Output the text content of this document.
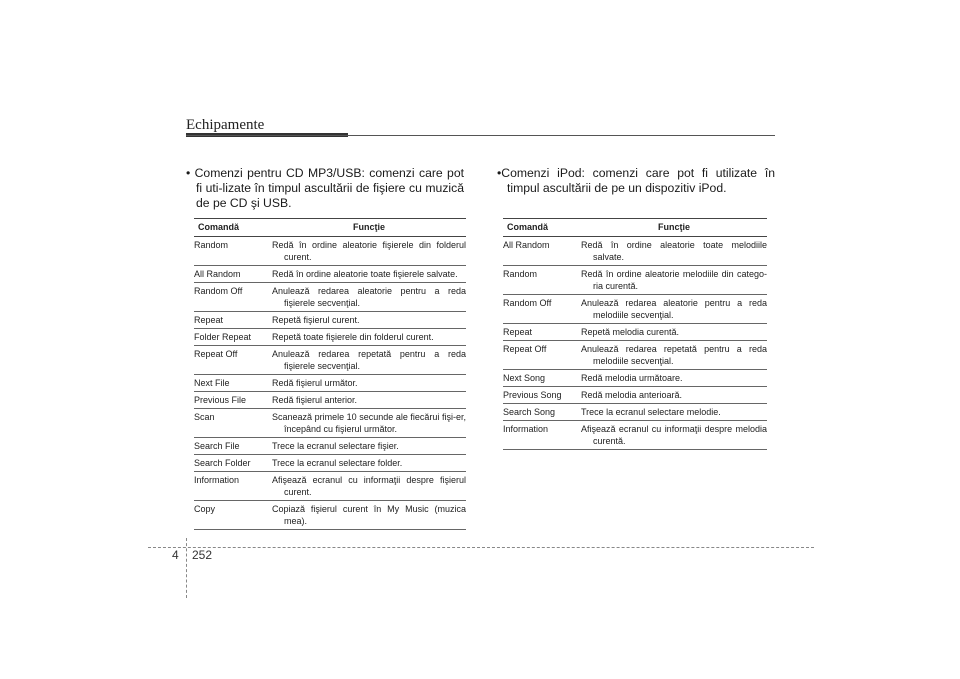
Echipamente

• Comenzi pentru CD MP3/USB: comenzi care pot fi uti-lizate în timpul ascultării de fişiere cu muzică de pe CD şi USB.

Comandă	Funcţie
Random	Redă în ordine aleatorie fişierele din folderul curent.

All Random	Redă în ordine aleatorie toate fişierele salvate.

Random Off	Anulează redarea aleatorie pentru a reda fişierele secvenţial.

Repeat	Repetă fişierul curent.

Folder Repeat	Repetă toate fişierele din folderul curent.

Repeat Off	Anulează redarea repetată pentru a reda fişierele secvenţial.

Next File	Redă fişierul următor.

Previous File	Redă fişierul anterior.

Scan	Scanează primele 10 secunde ale fiecărui fişi-er, începând cu fişierul următor.

Search File	Trece la ecranul selectare fişier.

Search Folder	Trece la ecranul selectare folder.

Information	Afişează ecranul cu informaţii despre fişierul curent.

Copy	Copiază fişierul curent în My Music (muzica mea).

•Comenzi iPod: comenzi care pot fi utilizate în timpul ascultării de pe un dispozitiv iPod.

Comandă	Funcţie
All Random	Redă în ordine aleatorie toate melodiile salvate.

Random	Redă în ordine aleatorie melodiile din catego-ria curentă.

Random Off	Anulează redarea aleatorie pentru a reda melodiile secvenţial.

Repeat	Repetă melodia curentă.

Repeat Off	Anulează redarea repetată pentru a reda melodiile secvenţial.

Next Song	Redă melodia următoare.

Previous Song	Redă melodia anterioară.

Search Song	Trece la ecranul selectare melodie.

Information	Afişează ecranul cu informaţii despre melodia curentă.
4 252
